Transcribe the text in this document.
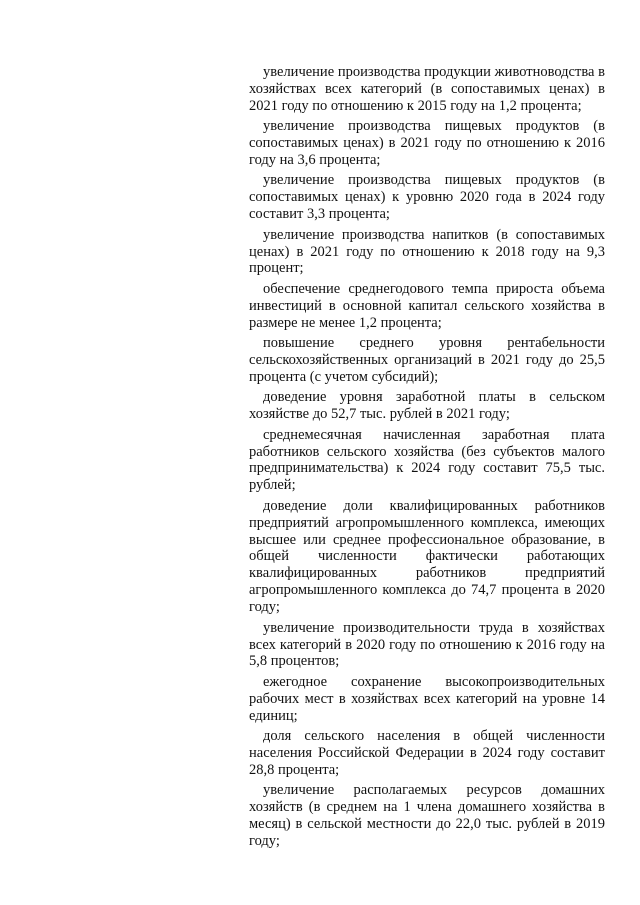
увеличение производства продукции животноводства в хозяйствах всех категорий (в сопоставимых ценах) в 2021 году по отношению к 2015 году на 1,2 процента;

увеличение производства пищевых продуктов (в сопоставимых ценах) в 2021 году по отношению к 2016 году на 3,6 процента;

увеличение производства пищевых продуктов (в сопоставимых ценах) к уровню 2020 года в 2024 году составит 3,3 процента;

увеличение производства напитков (в сопоставимых ценах) в 2021 году по отношению к 2018 году на 9,3 процент;

обеспечение среднегодового темпа прироста объема инвестиций в основной капитал сельского хозяйства в размере не менее 1,2 процента;

повышение среднего уровня рентабельности сельскохозяйственных организаций в 2021 году до 25,5 процента (с учетом субсидий);

доведение уровня заработной платы в сельском хозяйстве до 52,7 тыс. рублей в 2021 году;

среднемесячная начисленная заработная плата работников сельского хозяйства (без субъектов малого предпринимательства) к 2024 году составит 75,5 тыс. рублей;

доведение доли квалифицированных работников предприятий агропромышленного комплекса, имеющих высшее или среднее профессиональное образование, в общей численности фактически работающих квалифицированных работников предприятий агропромышленного комплекса до 74,7 процента в 2020 году;

увеличение производительности труда в хозяйствах всех категорий в 2020 году по отношению к 2016 году на 5,8 процентов;

ежегодное сохранение высокопроизводительных рабочих мест в хозяйствах всех категорий на уровне 14 единиц;

доля сельского населения в общей численности населения Российской Федерации в 2024 году составит 28,8 процента;

увеличение располагаемых ресурсов домашних хозяйств (в среднем на 1 члена домашнего хозяйства в месяц) в сельской местности до 22,0 тыс. рублей в 2019 году;
